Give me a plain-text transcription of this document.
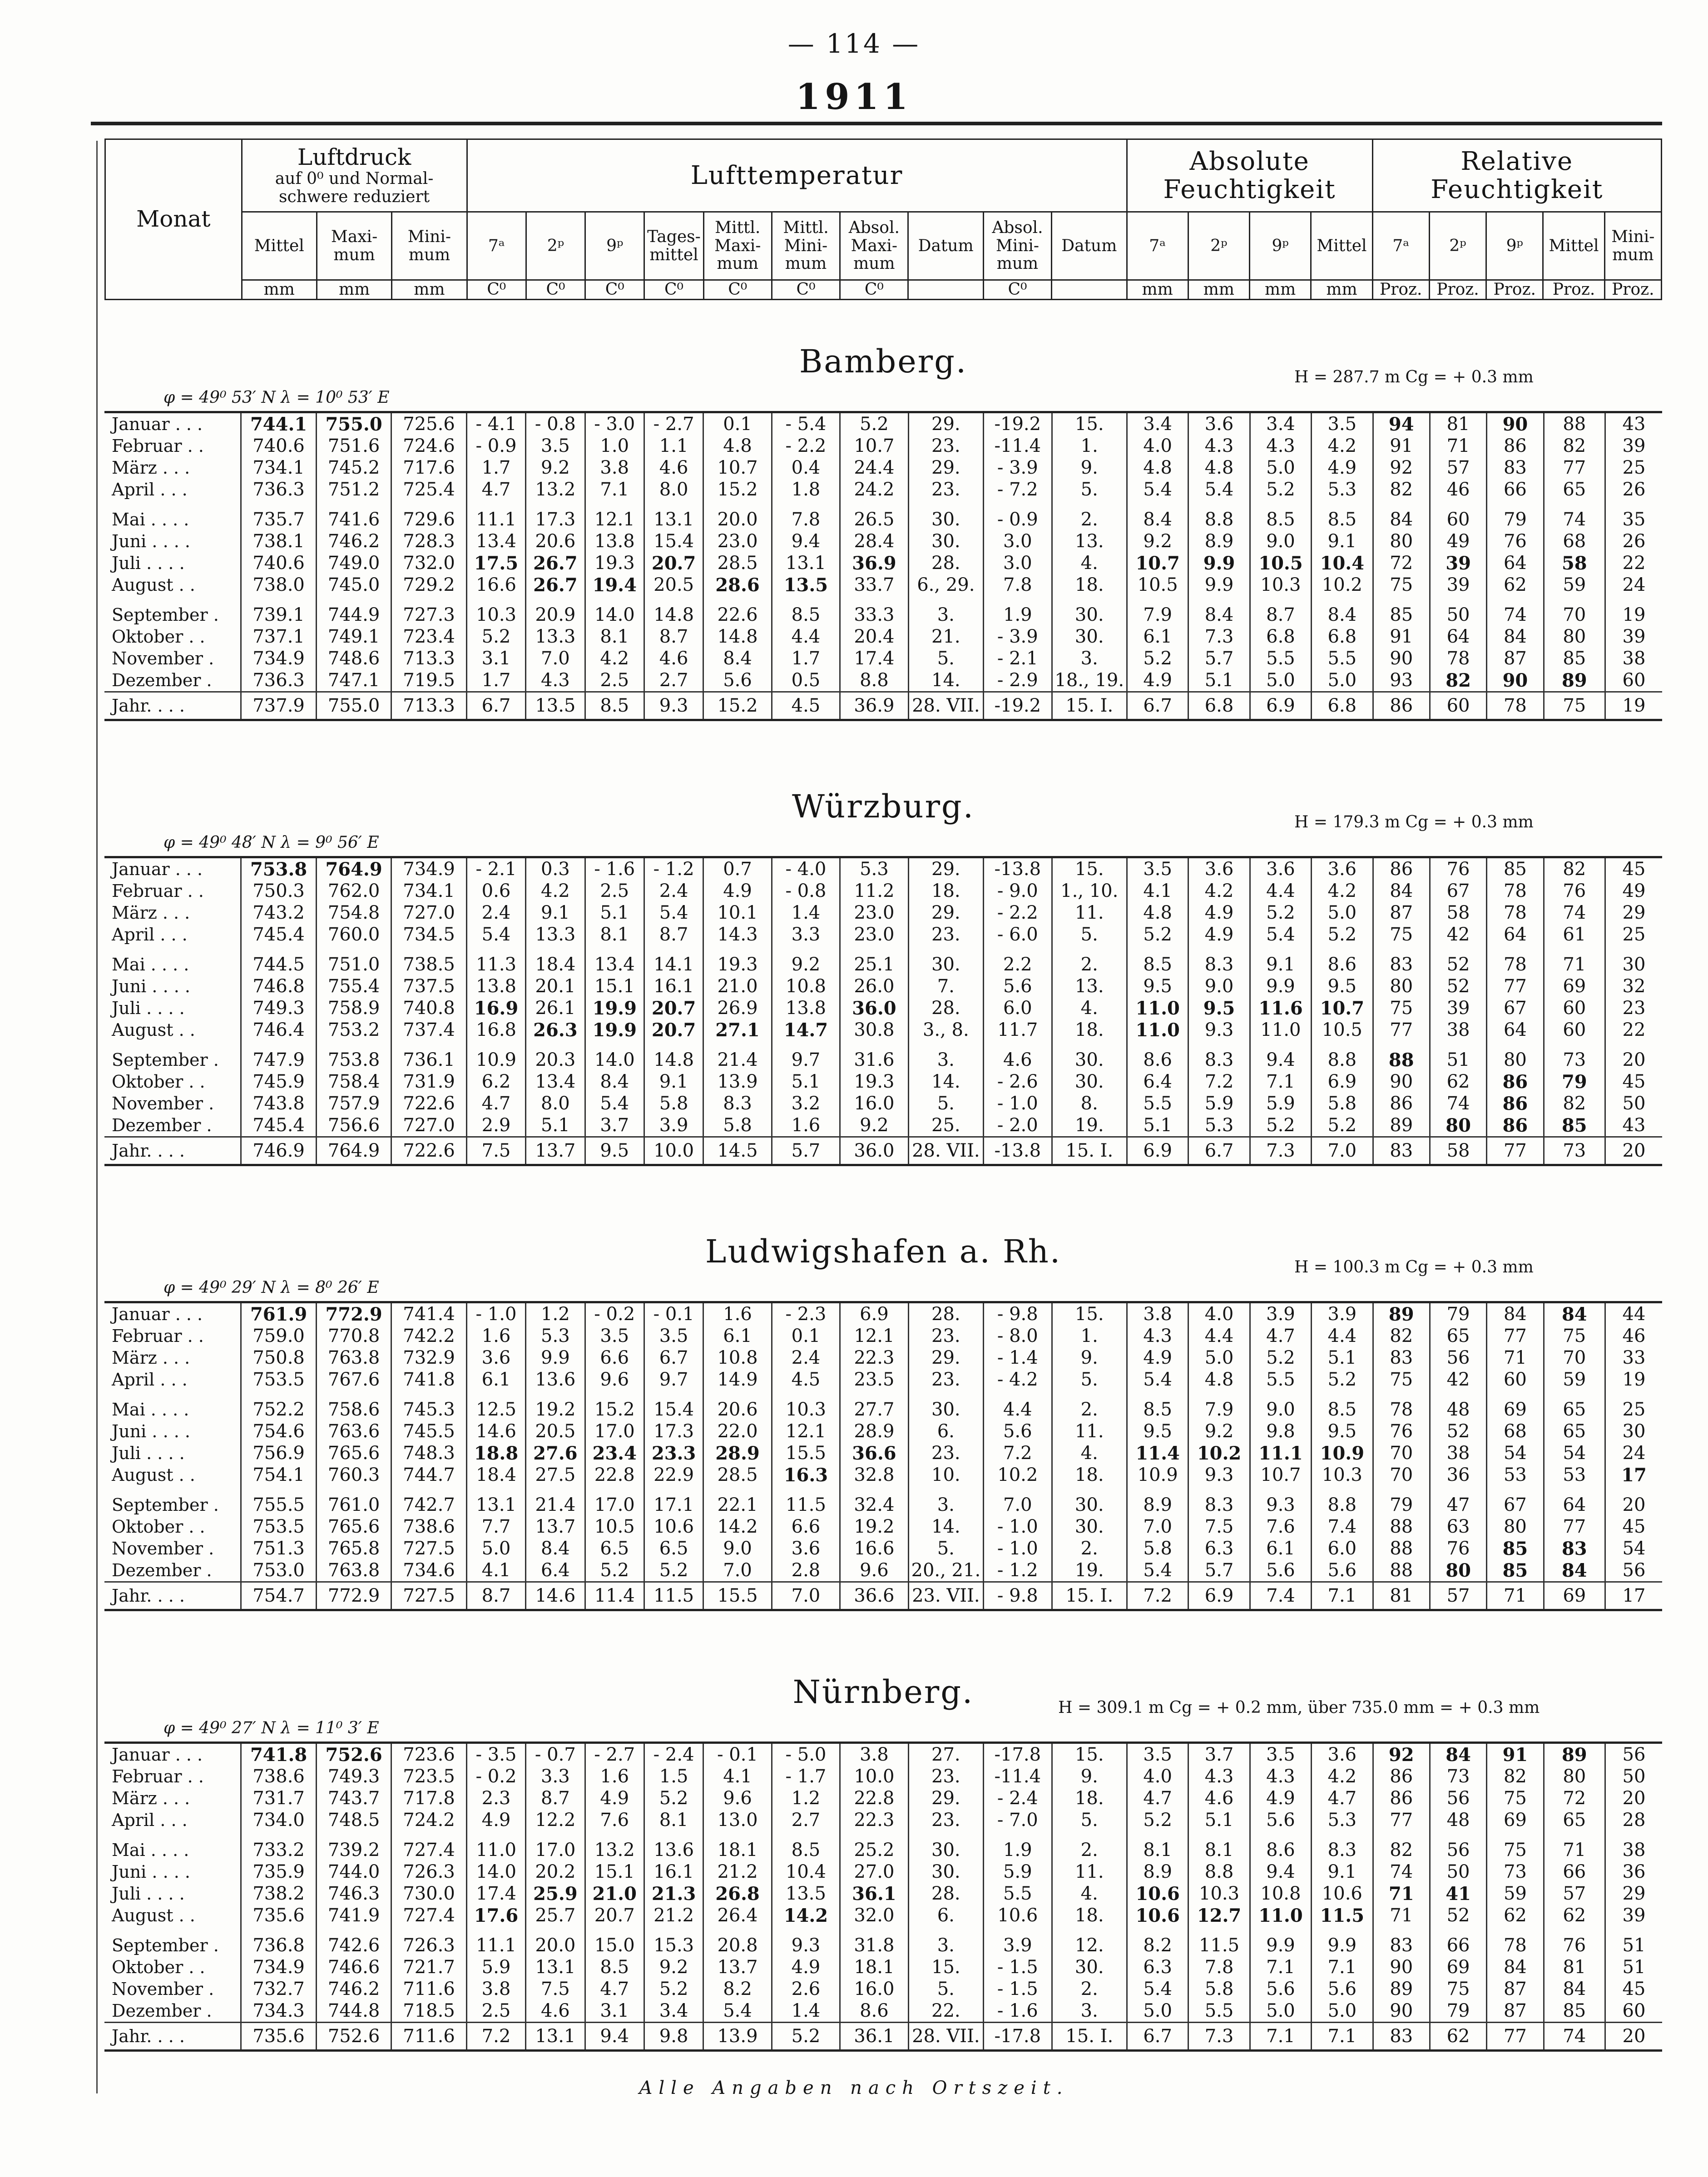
— 114 —
1911
Monat	Luftdruck
auf 0⁰ und Normal-schwere reduziert			Lufttemperatur										Absolute Feuchtigkeit				Relative Feuchtigkeit				
	Mittel	Maxi-mum	Mini-mum	7ᵃ	2ᵖ	9ᵖ	Tages-mittel	Mittl. Maxi-mum	Mittl. Mini-mum	Absol. Maxi-mum	Datum	Absol. Mini-mum	Datum	7ᵃ	2ᵖ	9ᵖ	Mittel	7ᵃ	2ᵖ	9ᵖ	Mittel	Mini-mum
	mm	mm	mm	C⁰	C⁰	C⁰	C⁰	C⁰	C⁰	C⁰		C⁰		mm	mm	mm	mm	Proz.	Proz.	Proz.	Proz.	Proz.
Bamberg.
φ = 49⁰ 53′ N λ = 10⁰ 53′ E
H = 287.7 m Cg = + 0.3 mm
Januar . . .	744.1	755.0	725.6	- 4.1	- 0.8	- 3.0	- 2.7	0.1	- 5.4	5.2	29.	-19.2	15.	3.4	3.6	3.4	3.5	94	81	90	88	43
Februar . .	740.6	751.6	724.6	- 0.9	3.5	1.0	1.1	4.8	- 2.2	10.7	23.	-11.4	1.	4.0	4.3	4.3	4.2	91	71	86	82	39
März . . .	734.1	745.2	717.6	1.7	9.2	3.8	4.6	10.7	0.4	24.4	29.	- 3.9	9.	4.8	4.8	5.0	4.9	92	57	83	77	25
April . . .	736.3	751.2	725.4	4.7	13.2	7.1	8.0	15.2	1.8	24.2	23.	- 7.2	5.	5.4	5.4	5.2	5.3	82	46	66	65	26

Mai . . . .	735.7	741.6	729.6	11.1	17.3	12.1	13.1	20.0	7.8	26.5	30.	- 0.9	2.	8.4	8.8	8.5	8.5	84	60	79	74	35
Juni . . . .	738.1	746.2	728.3	13.4	20.6	13.8	15.4	23.0	9.4	28.4	30.	3.0	13.	9.2	8.9	9.0	9.1	80	49	76	68	26
Juli . . . .	740.6	749.0	732.0	17.5	26.7	19.3	20.7	28.5	13.1	36.9	28.	3.0	4.	10.7	9.9	10.5	10.4	72	39	64	58	22
August . .	738.0	745.0	729.2	16.6	26.7	19.4	20.5	28.6	13.5	33.7	6., 29.	7.8	18.	10.5	9.9	10.3	10.2	75	39	62	59	24

September .	739.1	744.9	727.3	10.3	20.9	14.0	14.8	22.6	8.5	33.3	3.	1.9	30.	7.9	8.4	8.7	8.4	85	50	74	70	19
Oktober . .	737.1	749.1	723.4	5.2	13.3	8.1	8.7	14.8	4.4	20.4	21.	- 3.9	30.	6.1	7.3	6.8	6.8	91	64	84	80	39
November .	734.9	748.6	713.3	3.1	7.0	4.2	4.6	8.4	1.7	17.4	5.	- 2.1	3.	5.2	5.7	5.5	5.5	90	78	87	85	38
Dezember .	736.3	747.1	719.5	1.7	4.3	2.5	2.7	5.6	0.5	8.8	14.	- 2.9	18., 19.	4.9	5.1	5.0	5.0	93	82	90	89	60
Jahr. . . .	737.9	755.0	713.3	6.7	13.5	8.5	9.3	15.2	4.5	36.9	28. VII.	-19.2	15. I.	6.7	6.8	6.9	6.8	86	60	78	75	19
Würzburg.
φ = 49⁰ 48′ N λ = 9⁰ 56′ E
H = 179.3 m Cg = + 0.3 mm
Januar . . .	753.8	764.9	734.9	- 2.1	0.3	- 1.6	- 1.2	0.7	- 4.0	5.3	29.	-13.8	15.	3.5	3.6	3.6	3.6	86	76	85	82	45
Februar . .	750.3	762.0	734.1	0.6	4.2	2.5	2.4	4.9	- 0.8	11.2	18.	- 9.0	1., 10.	4.1	4.2	4.4	4.2	84	67	78	76	49
März . . .	743.2	754.8	727.0	2.4	9.1	5.1	5.4	10.1	1.4	23.0	29.	- 2.2	11.	4.8	4.9	5.2	5.0	87	58	78	74	29
April . . .	745.4	760.0	734.5	5.4	13.3	8.1	8.7	14.3	3.3	23.0	23.	- 6.0	5.	5.2	4.9	5.4	5.2	75	42	64	61	25

Mai . . . .	744.5	751.0	738.5	11.3	18.4	13.4	14.1	19.3	9.2	25.1	30.	2.2	2.	8.5	8.3	9.1	8.6	83	52	78	71	30
Juni . . . .	746.8	755.4	737.5	13.8	20.1	15.1	16.1	21.0	10.8	26.0	7.	5.6	13.	9.5	9.0	9.9	9.5	80	52	77	69	32
Juli . . . .	749.3	758.9	740.8	16.9	26.1	19.9	20.7	26.9	13.8	36.0	28.	6.0	4.	11.0	9.5	11.6	10.7	75	39	67	60	23
August . .	746.4	753.2	737.4	16.8	26.3	19.9	20.7	27.1	14.7	30.8	3., 8.	11.7	18.	11.0	9.3	11.0	10.5	77	38	64	60	22

September .	747.9	753.8	736.1	10.9	20.3	14.0	14.8	21.4	9.7	31.6	3.	4.6	30.	8.6	8.3	9.4	8.8	88	51	80	73	20
Oktober . .	745.9	758.4	731.9	6.2	13.4	8.4	9.1	13.9	5.1	19.3	14.	- 2.6	30.	6.4	7.2	7.1	6.9	90	62	86	79	45
November .	743.8	757.9	722.6	4.7	8.0	5.4	5.8	8.3	3.2	16.0	5.	- 1.0	8.	5.5	5.9	5.9	5.8	86	74	86	82	50
Dezember .	745.4	756.6	727.0	2.9	5.1	3.7	3.9	5.8	1.6	9.2	25.	- 2.0	19.	5.1	5.3	5.2	5.2	89	80	86	85	43
Jahr. . . .	746.9	764.9	722.6	7.5	13.7	9.5	10.0	14.5	5.7	36.0	28. VII.	-13.8	15. I.	6.9	6.7	7.3	7.0	83	58	77	73	20
Ludwigshafen a. Rh.
φ = 49⁰ 29′ N λ = 8⁰ 26′ E
H = 100.3 m Cg = + 0.3 mm
Januar . . .	761.9	772.9	741.4	- 1.0	1.2	- 0.2	- 0.1	1.6	- 2.3	6.9	28.	- 9.8	15.	3.8	4.0	3.9	3.9	89	79	84	84	44
Februar . .	759.0	770.8	742.2	1.6	5.3	3.5	3.5	6.1	0.1	12.1	23.	- 8.0	1.	4.3	4.4	4.7	4.4	82	65	77	75	46
März . . .	750.8	763.8	732.9	3.6	9.9	6.6	6.7	10.8	2.4	22.3	29.	- 1.4	9.	4.9	5.0	5.2	5.1	83	56	71	70	33
April . . .	753.5	767.6	741.8	6.1	13.6	9.6	9.7	14.9	4.5	23.5	23.	- 4.2	5.	5.4	4.8	5.5	5.2	75	42	60	59	19

Mai . . . .	752.2	758.6	745.3	12.5	19.2	15.2	15.4	20.6	10.3	27.7	30.	4.4	2.	8.5	7.9	9.0	8.5	78	48	69	65	25
Juni . . . .	754.6	763.6	745.5	14.6	20.5	17.0	17.3	22.0	12.1	28.9	6.	5.6	11.	9.5	9.2	9.8	9.5	76	52	68	65	30
Juli . . . .	756.9	765.6	748.3	18.8	27.6	23.4	23.3	28.9	15.5	36.6	23.	7.2	4.	11.4	10.2	11.1	10.9	70	38	54	54	24
August . .	754.1	760.3	744.7	18.4	27.5	22.8	22.9	28.5	16.3	32.8	10.	10.2	18.	10.9	9.3	10.7	10.3	70	36	53	53	17

September .	755.5	761.0	742.7	13.1	21.4	17.0	17.1	22.1	11.5	32.4	3.	7.0	30.	8.9	8.3	9.3	8.8	79	47	67	64	20
Oktober . .	753.5	765.6	738.6	7.7	13.7	10.5	10.6	14.2	6.6	19.2	14.	- 1.0	30.	7.0	7.5	7.6	7.4	88	63	80	77	45
November .	751.3	765.8	727.5	5.0	8.4	6.5	6.5	9.0	3.6	16.6	5.	- 1.0	2.	5.8	6.3	6.1	6.0	88	76	85	83	54
Dezember .	753.0	763.8	734.6	4.1	6.4	5.2	5.2	7.0	2.8	9.6	20., 21.	- 1.2	19.	5.4	5.7	5.6	5.6	88	80	85	84	56
Jahr. . . .	754.7	772.9	727.5	8.7	14.6	11.4	11.5	15.5	7.0	36.6	23. VII.	- 9.8	15. I.	7.2	6.9	7.4	7.1	81	57	71	69	17
Nürnberg.
φ = 49⁰ 27′ N λ = 11⁰ 3′ E
H = 309.1 m Cg = + 0.2 mm, über 735.0 mm = + 0.3 mm
Januar . . .	741.8	752.6	723.6	- 3.5	- 0.7	- 2.7	- 2.4	- 0.1	- 5.0	3.8	27.	-17.8	15.	3.5	3.7	3.5	3.6	92	84	91	89	56
Februar . .	738.6	749.3	723.5	- 0.2	3.3	1.6	1.5	4.1	- 1.7	10.0	23.	-11.4	9.	4.0	4.3	4.3	4.2	86	73	82	80	50
März . . .	731.7	743.7	717.8	2.3	8.7	4.9	5.2	9.6	1.2	22.8	29.	- 2.4	18.	4.7	4.6	4.9	4.7	86	56	75	72	20
April . . .	734.0	748.5	724.2	4.9	12.2	7.6	8.1	13.0	2.7	22.3	23.	- 7.0	5.	5.2	5.1	5.6	5.3	77	48	69	65	28

Mai . . . .	733.2	739.2	727.4	11.0	17.0	13.2	13.6	18.1	8.5	25.2	30.	1.9	2.	8.1	8.1	8.6	8.3	82	56	75	71	38
Juni . . . .	735.9	744.0	726.3	14.0	20.2	15.1	16.1	21.2	10.4	27.0	30.	5.9	11.	8.9	8.8	9.4	9.1	74	50	73	66	36
Juli . . . .	738.2	746.3	730.0	17.4	25.9	21.0	21.3	26.8	13.5	36.1	28.	5.5	4.	10.6	10.3	10.8	10.6	71	41	59	57	29
August . .	735.6	741.9	727.4	17.6	25.7	20.7	21.2	26.4	14.2	32.0	6.	10.6	18.	10.6	12.7	11.0	11.5	71	52	62	62	39

September .	736.8	742.6	726.3	11.1	20.0	15.0	15.3	20.8	9.3	31.8	3.	3.9	12.	8.2	11.5	9.9	9.9	83	66	78	76	51
Oktober . .	734.9	746.6	721.7	5.9	13.1	8.5	9.2	13.7	4.9	18.1	15.	- 1.5	30.	6.3	7.8	7.1	7.1	90	69	84	81	51
November .	732.7	746.2	711.6	3.8	7.5	4.7	5.2	8.2	2.6	16.0	5.	- 1.5	2.	5.4	5.8	5.6	5.6	89	75	87	84	45
Dezember .	734.3	744.8	718.5	2.5	4.6	3.1	3.4	5.4	1.4	8.6	22.	- 1.6	3.	5.0	5.5	5.0	5.0	90	79	87	85	60
Jahr. . . .	735.6	752.6	711.6	7.2	13.1	9.4	9.8	13.9	5.2	36.1	28. VII.	-17.8	15. I.	6.7	7.3	7.1	7.1	83	62	77	74	20
Alle Angaben nach Ortszeit.
